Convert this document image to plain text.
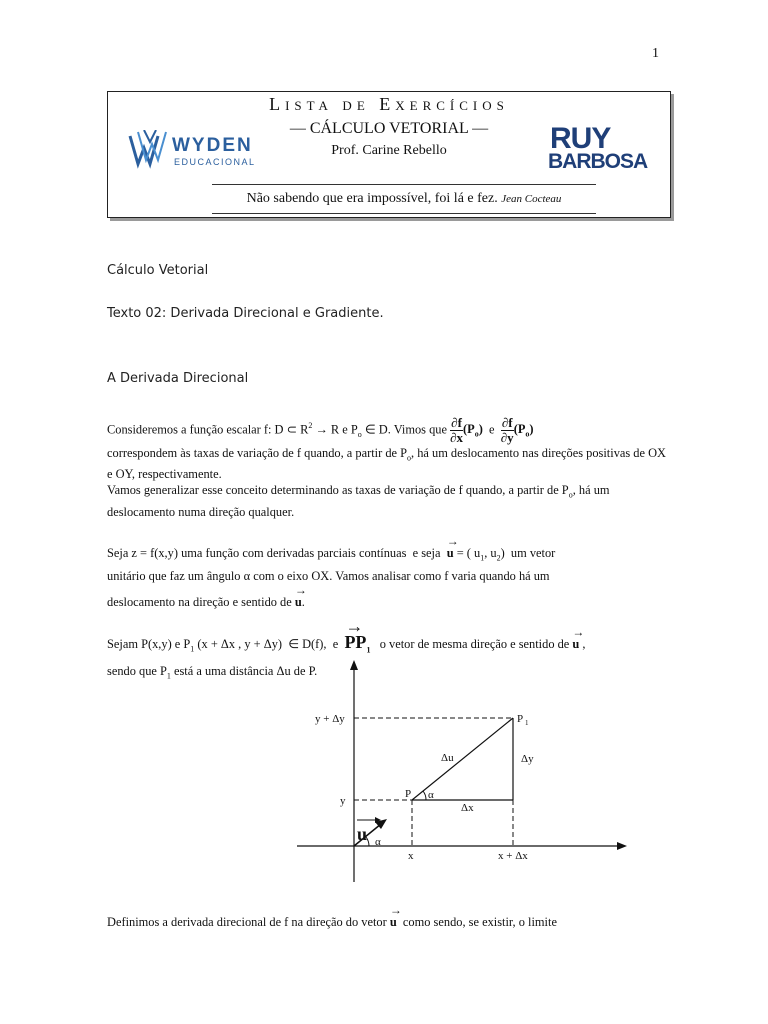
1
Lista de Exercícios
— CÁLCULO VETORIAL —
Prof. Carine Rebello
WYDEN
EDUCACIONAL
RUY
BARBOSA
Não sabendo que era impossível, foi lá e fez. Jean Cocteau
Cálculo Vetorial
Texto 02: Derivada Direcional e Gradiente.
A Derivada Direcional
Consideremos a função escalar f: D ⊂ $R^2 \to R$ e $P_o$ ∈ D. Vimos que $\frac{\partial f}{\partial x} (P_o)$  e $\frac{\partial f}{\partial y} (P_o)$
correspondem às taxas de variação de f quando, a partir de $P_o$, há um deslocamento nas direções positivas de OX e OY, respectivamente.
Vamos generalizar esse conceito determinando as taxas de variação de f quando, a partir de $P_o$, há um deslocamento numa direção qualquer.
Seja z = f(x,y) uma função com derivadas parciais contínuas  e seja  → u = ( $u_1$, $u_2$)  um vetor
unitário que faz um ângulo α com o eixo OX. Vamos analisar como f varia quando há um
deslocamento na direção e sentido de → u.
Sejam P(x,y) e $P_1$ (x + Δx , y + Δy)  ∈ D(f),  $e \to PP_1$   o vetor de mesma direção e sentido de → u ,
sendo que $P_1$ está a uma distância Δu de P.
y + Δy
y
x	x + Δx
P
P 1
Δu	Δy
Δx
α
α
u
Definimos a derivada direcional de f na direção do vetor → u como sendo, se existir, o limite
